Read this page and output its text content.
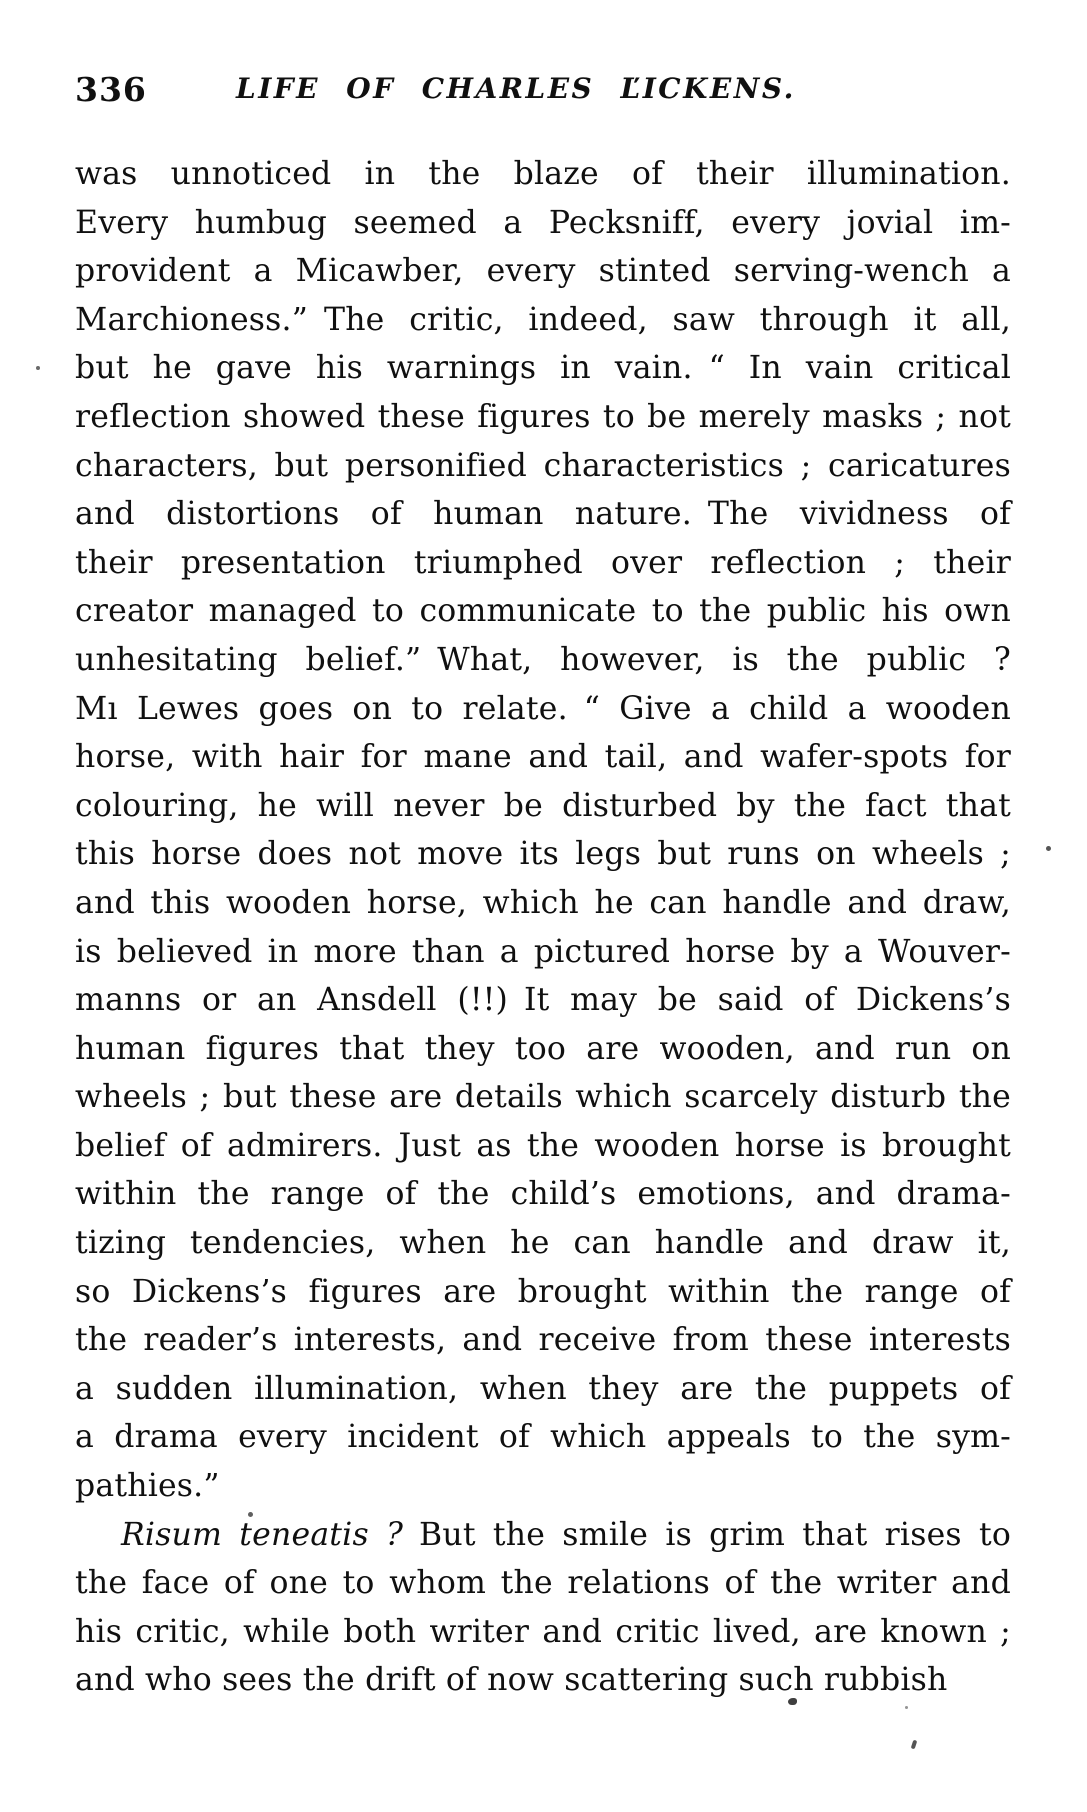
336	LIFE OF CHARLES ĽICKENS.
was unnoticed in the blaze of their illumination.
Every humbug seemed a Pecksniff, every jovial im-
provident a Micawber, every stinted serving-wench a
Marchioness.” The critic, indeed, saw through it all,
but he gave his warnings in vain. “ In vain critical
reflection showed these figures to be merely masks ; not
characters, but personified characteristics ; caricatures
and distortions of human nature. The vividness of
their presentation triumphed over reflection ; their
creator managed to communicate to the public his own
unhesitating belief.” What, however, is the public ?
Mı Lewes goes on to relate. “ Give a child a wooden
horse, with hair for mane and tail, and wafer-spots for
colouring, he will never be disturbed by the fact that
this horse does not move its legs but runs on wheels ;
and this wooden horse, which he can handle and draw,
is believed in more than a pictured horse by a Wouver-
manns or an Ansdell (!!) It may be said of Dickens’s
human figures that they too are wooden, and run on
wheels ; but these are details which scarcely disturb the
belief of admirers. Just as the wooden horse is brought
within the range of the child’s emotions, and drama-
tizing tendencies, when he can handle and draw it,
so Dickens’s figures are brought within the range of
the reader’s interests, and receive from these interests
a sudden illumination, when they are the puppets of
a drama every incident of which appeals to the sym-
pathies.”
Risum teneatis ? But the smile is grim that rises to
the face of one to whom the relations of the writer and
his critic, while both writer and critic lived, are known ;
and who sees the drift of now scattering such rubbish
